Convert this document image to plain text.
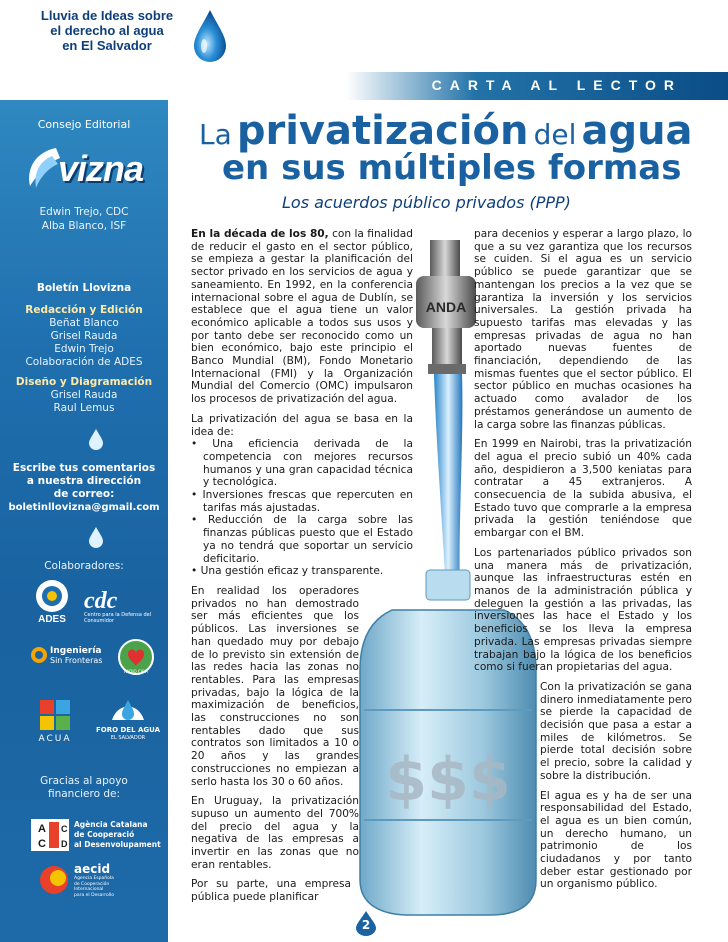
Lluvia de Ideas sobre
el derecho al agua
en El Salvador
CARTA AL LECTOR
Consejo Editorial
vizna
Edwin Trejo, CDC
Alba Blanco, ISF
Boletín Llovizna
Redacción y Edición
Beñat Blanco
Grisel Rauda
Edwin Trejo
Colaboración de ADES
Diseño y Diagramación
Grisel Rauda
Raul Lemus
Escribe tus comentarios
a nuestra dirección
de correo:
boletinllovizna@gmail.com
Colaboradores:
ADES
cdc
Centro para la Defensa del Consumidor
Ingeniería
Sin Fronteras
RADIO CAYA
ACUA
FORO DEL AGUA
EL SALVADOR
Gracias al apoyo
financiero de:
A
C
C
D
Agència Catalana
de Cooperació
al Desenvolupament
aecid
Agencia Española
de Cooperación
Internacional
para el Desarrollo
La privatización del agua
en sus múltiples formas
Los acuerdos público privados (PPP)
ANDA
$$$

En la década de los 80, con la finalidad de reducir el gasto en el sector público, se empieza a gestar la planificación del sector privado en los servicios de agua y saneamiento. En 1992, en la conferencia internacional sobre el agua de Dublín, se establece que el agua tiene un valor económico aplicable a todos sus usos y por tanto debe ser reconocido como un bien económico, bajo este principio el Banco Mundial (BM), Fondo Monetario Internacional (FMI) y la Organización Mundial del Comercio (OMC) impulsaron los procesos de privatización del agua.

La privatización del agua se basa en la idea de:

• Una eficiencia derivada de la competencia con mejores recursos humanos y una gran capacidad técnica y tecnológica.
• Inversiones frescas que repercuten en tarifas más ajustadas.
• Reducción de la carga sobre las finanzas públicas puesto que el Estado ya no tendrá que soportar un servicio deficitario.
• Una gestión eficaz y transparente.

En realidad los operadores privados no han demostrado ser más eficientes que los públicos. Las inversiones se han quedado muy por debajo de lo previsto sin extensión de las redes hacia las zonas no rentables. Para las empresas privadas, bajo la lógica de la maximización de beneficios, las construcciones no son rentables dado que sus contratos son limitados a 10 o 20 años y las grandes construcciones no empiezan a serlo hasta los 30 o 60 años.

En Uruguay, la privatización supuso un aumento del 700% del precio del agua y la negativa de las empresas a invertir en las zonas que no eran rentables.

Por su parte, una empresa pública puede planificar

para decenios y esperar a largo plazo, lo que a su vez garantiza que los recursos se cuiden. Si el agua es un servicio público se puede garantizar que se mantengan los precios a la vez que se garantiza la inversión y los servicios universales. La gestión privada ha supuesto tarifas mas elevadas y las empresas privadas de agua no han aportado nuevas fuentes de financiación, dependiendo de las mismas fuentes que el sector público. El sector público en muchas ocasiones ha actuado como avalador de los préstamos generándose un aumento de la carga sobre las finanzas públicas.

En 1999 en Nairobi, tras la privatización del agua el precio subió un 40% cada año, despidieron a 3,500 keniatas para contratar a 45 extranjeros. A consecuencia de la subida abusiva, el Estado tuvo que comprarle a la empresa privada la gestión teniéndose que embargar con el BM.

Los partenariados público privados son una manera más de privatización, aunque las infraestructuras estén en manos de la administración pública y deleguen la gestión a las privadas, las inversiones las hace el Estado y los beneficios se los lleva la empresa privada. Las empresas privadas siempre trabajan bajo la lógica de los beneficios como si fueran propietarias del agua.

Con la privatización se gana dinero inmediatamente pero se pierde la capacidad de decisión que pasa a estar a miles de kilómetros. Se pierde total decisión sobre el precio, sobre la calidad y sobre la distribución.

El agua es y ha de ser una responsabilidad del Estado, el agua es un bien común, un derecho humano, un patrimonio de los ciudadanos y por tanto deber estar gestionado por un organismo público.

2
